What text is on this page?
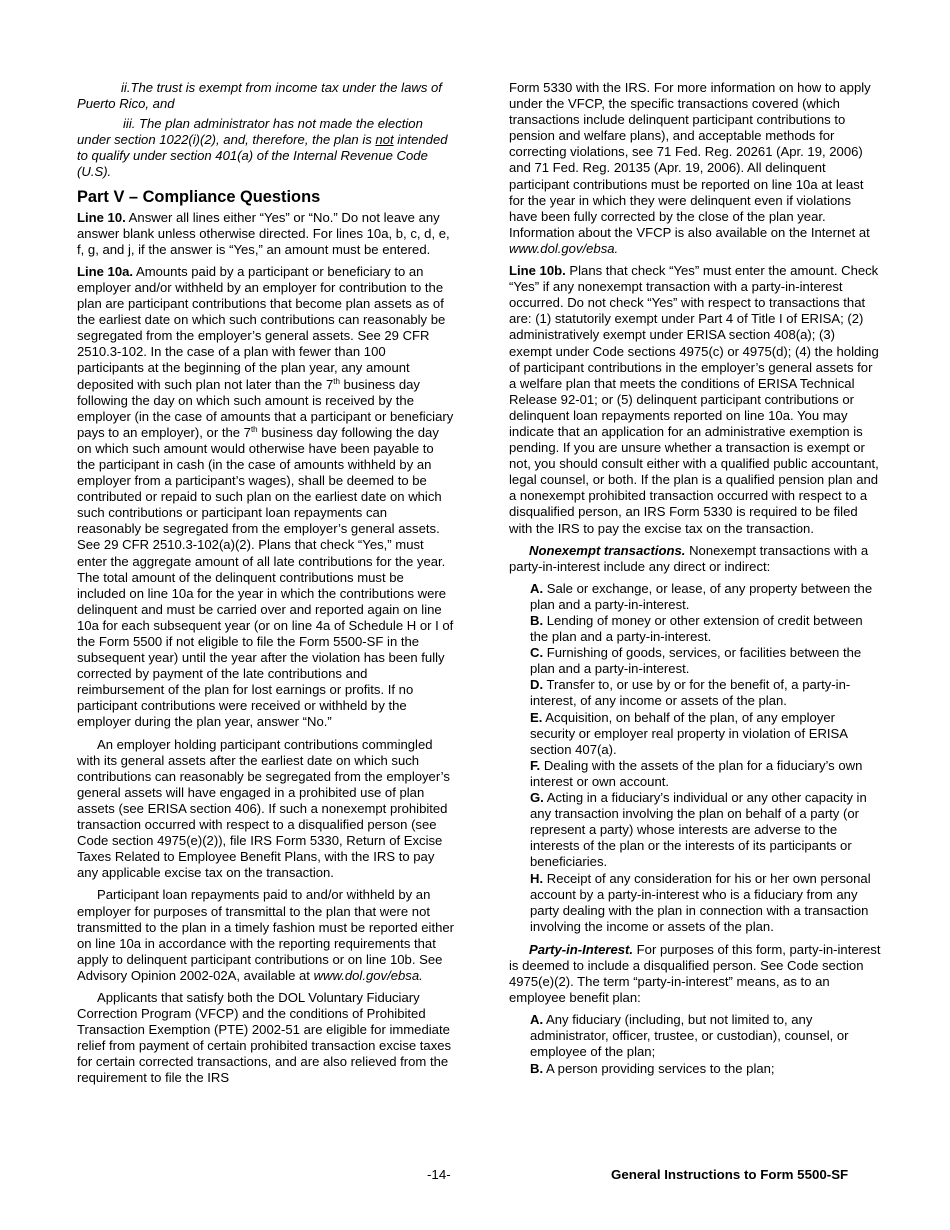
ii.The trust is exempt from income tax under the laws of Puerto Rico, and

iii. The plan administrator has not made the election under section 1022(i)(2), and, therefore, the plan is not intended to qualify under section 401(a) of the Internal Revenue Code (U.S).

Part V – Compliance Questions

Line 10. Answer all lines either “Yes” or “No.” Do not leave any answer blank unless otherwise directed. For lines 10a, b, c, d, e, f, g, and j, if the answer is “Yes,” an amount must be entered.

Line 10a. Amounts paid by a participant or beneficiary to an employer and/or withheld by an employer for contribution to the plan are participant contributions that become plan assets as of the earliest date on which such contributions can reasonably be segregated from the employer’s general assets. See 29 CFR 2510.3-102. In the case of a plan with fewer than 100 participants at the beginning of the plan year, any amount deposited with such plan not later than the 7th business day following the day on which such amount is received by the employer (in the case of amounts that a participant or beneficiary pays to an employer), or the 7th business day following the day on which such amount would otherwise have been payable to the participant in cash (in the case of amounts withheld by an employer from a participant’s wages), shall be deemed to be contributed or repaid to such plan on the earliest date on which such contributions or participant loan repayments can reasonably be segregated from the employer’s general assets. See 29 CFR 2510.3-102(a)(2). Plans that check “Yes,” must enter the aggregate amount of all late contributions for the year. The total amount of the delinquent contributions must be included on line 10a for the year in which the contributions were delinquent and must be carried over and reported again on line 10a for each subsequent year (or on line 4a of Schedule H or I of the Form 5500 if not eligible to file the Form 5500-SF in the subsequent year) until the year after the violation has been fully corrected by payment of the late contributions and reimbursement of the plan for lost earnings or profits. If no participant contributions were received or withheld by the employer during the plan year, answer “No.”

An employer holding participant contributions commingled with its general assets after the earliest date on which such contributions can reasonably be segregated from the employer’s general assets will have engaged in a prohibited use of plan assets (see ERISA section 406). If such a nonexempt prohibited transaction occurred with respect to a disqualified person (see Code section 4975(e)(2)), file IRS Form 5330, Return of Excise Taxes Related to Employee Benefit Plans, with the IRS to pay any applicable excise tax on the transaction.

Participant loan repayments paid to and/or withheld by an employer for purposes of transmittal to the plan that were not transmitted to the plan in a timely fashion must be reported either on line 10a in accordance with the reporting requirements that apply to delinquent participant contributions or on line 10b. See Advisory Opinion 2002-02A, available at www.dol.gov/ebsa.

Applicants that satisfy both the DOL Voluntary Fiduciary Correction Program (VFCP) and the conditions of Prohibited Transaction Exemption (PTE) 2002-51 are eligible for immediate relief from payment of certain prohibited transaction excise taxes for certain corrected transactions, and are also relieved from the requirement to file the IRS

Form 5330 with the IRS. For more information on how to apply under the VFCP, the specific transactions covered (which transactions include delinquent participant contributions to pension and welfare plans), and acceptable methods for correcting violations, see 71 Fed. Reg. 20261 (Apr. 19, 2006) and 71 Fed. Reg. 20135 (Apr. 19, 2006). All delinquent participant contributions must be reported on line 10a at least for the year in which they were delinquent even if violations have been fully corrected by the close of the plan year. Information about the VFCP is also available on the Internet at www.dol.gov/ebsa.

Line 10b. Plans that check “Yes” must enter the amount. Check “Yes” if any nonexempt transaction with a party-in-interest occurred. Do not check “Yes” with respect to transactions that are: (1) statutorily exempt under Part 4 of Title I of ERISA; (2) administratively exempt under ERISA section 408(a); (3) exempt under Code sections 4975(c) or 4975(d); (4) the holding of participant contributions in the employer’s general assets for a welfare plan that meets the conditions of ERISA Technical Release 92-01; or (5) delinquent participant contributions or delinquent loan repayments reported on line 10a. You may indicate that an application for an administrative exemption is pending. If you are unsure whether a transaction is exempt or not, you should consult either with a qualified public accountant, legal counsel, or both. If the plan is a qualified pension plan and a nonexempt prohibited transaction occurred with respect to a disqualified person, an IRS Form 5330 is required to be filed with the IRS to pay the excise tax on the transaction.

Nonexempt transactions. Nonexempt transactions with a party-in-interest include any direct or indirect:

A. Sale or exchange, or lease, of any property between the plan and a party-in-interest.
B. Lending of money or other extension of credit between the plan and a party-in-interest.
C. Furnishing of goods, services, or facilities between the plan and a party-in-interest.
D. Transfer to, or use by or for the benefit of, a party-in-interest, of any income or assets of the plan.
E. Acquisition, on behalf of the plan, of any employer security or employer real property in violation of ERISA section 407(a).
F. Dealing with the assets of the plan for a fiduciary’s own interest or own account.
G. Acting in a fiduciary’s individual or any other capacity in any transaction involving the plan on behalf of a party (or represent a party) whose interests are adverse to the interests of the plan or the interests of its participants or beneficiaries.
H. Receipt of any consideration for his or her own personal account by a party-in-interest who is a fiduciary from any party dealing with the plan in connection with a transaction involving the income or assets of the plan.

Party-in-Interest. For purposes of this form, party-in-interest is deemed to include a disqualified person. See Code section 4975(e)(2). The term “party-in-interest” means, as to an employee benefit plan:

A. Any fiduciary (including, but not limited to, any administrator, officer, trustee, or custodian), counsel, or employee of the plan;
B. A person providing services to the plan;
-14-	General Instructions to Form 5500-SF
